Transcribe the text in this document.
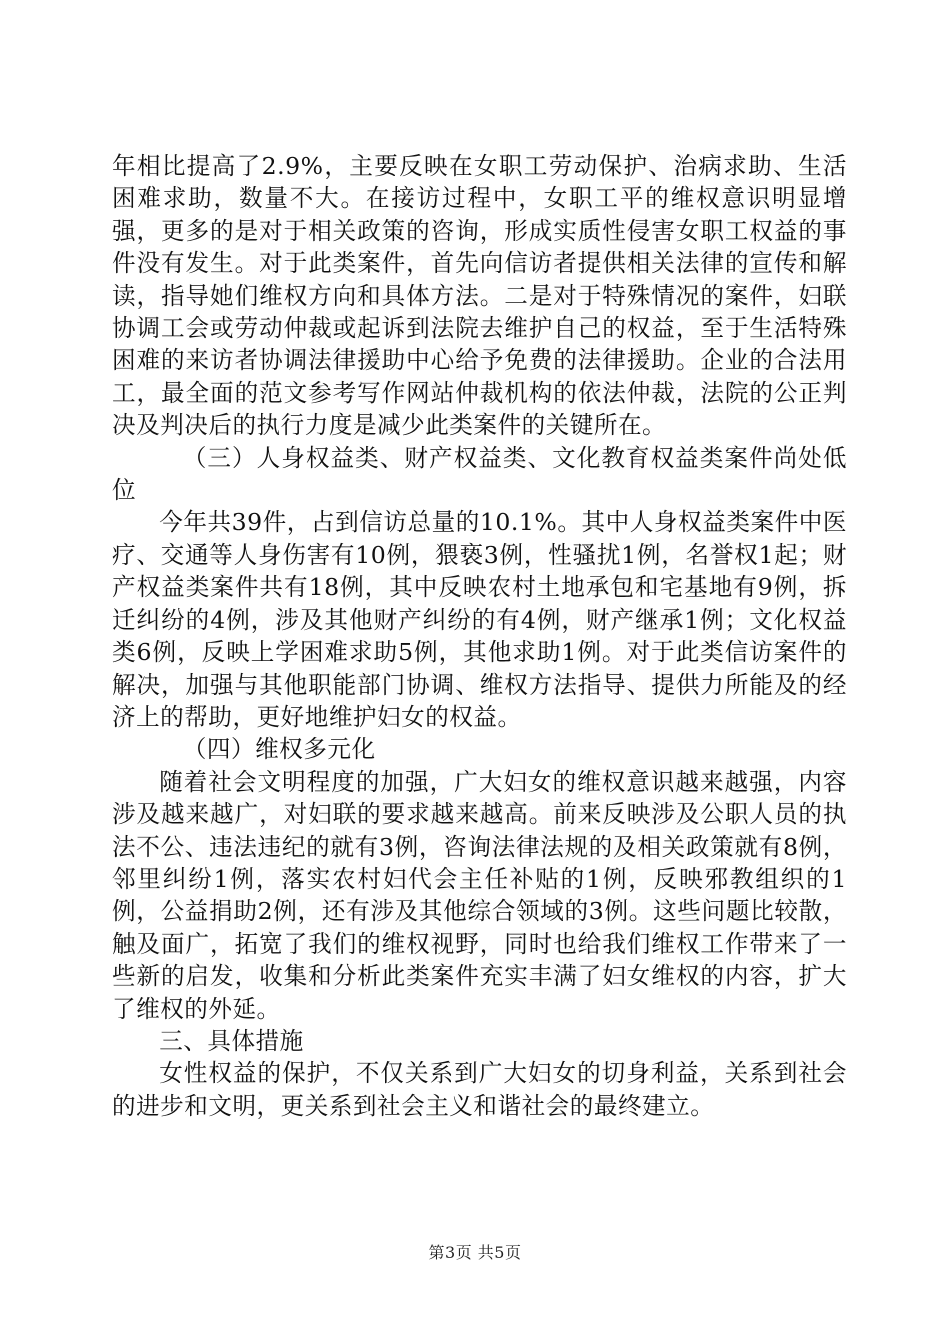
年相比提高了2.9%，主要反映在女职工劳动保护、治病求助、生活困难求助，数量不大。在接访过程中，女职工平的维权意识明显增强，更多的是对于相关政策的咨询，形成实质性侵害女职工权益的事件没有发生。对于此类案件，首先向信访者提供相关法律的宣传和解读，指导她们维权方向和具体方法。二是对于特殊情况的案件，妇联协调工会或劳动仲裁或起诉到法院去维护自己的权益，至于生活特殊困难的来访者协调法律援助中心给予免费的法律援助。企业的合法用工，最全面的范文参考写作网站仲裁机构的依法仲裁，法院的公正判决及判决后的执行力度是减少此类案件的关键所在。

（三）人身权益类、财产权益类、文化教育权益类案件尚处低位

今年共39件，占到信访总量的10.1%。其中人身权益类案件中医疗、交通等人身伤害有10例，猥亵3例，性骚扰1例，名誉权1起；财产权益类案件共有18例，其中反映农村土地承包和宅基地有9例，拆迁纠纷的4例，涉及其他财产纠纷的有4例，财产继承1例；文化权益类6例，反映上学困难求助5例，其他求助1例。对于此类信访案件的解决，加强与其他职能部门协调、维权方法指导、提供力所能及的经济上的帮助，更好地维护妇女的权益。

（四）维权多元化

随着社会文明程度的加强，广大妇女的维权意识越来越强，内容涉及越来越广，对妇联的要求越来越高。前来反映涉及公职人员的执法不公、违法违纪的就有3例，咨询法律法规的及相关政策就有8例，邻里纠纷1例，落实农村妇代会主任补贴的1例，反映邪教组织的1例，公益捐助2例，还有涉及其他综合领域的3例。这些问题比较散，触及面广，拓宽了我们的维权视野，同时也给我们维权工作带来了一些新的启发，收集和分析此类案件充实丰满了妇女维权的内容，扩大了维权的外延。

三、具体措施

女性权益的保护，不仅关系到广大妇女的切身利益，关系到社会的进步和文明，更关系到社会主义和谐社会的最终建立。

第3页 共5页
